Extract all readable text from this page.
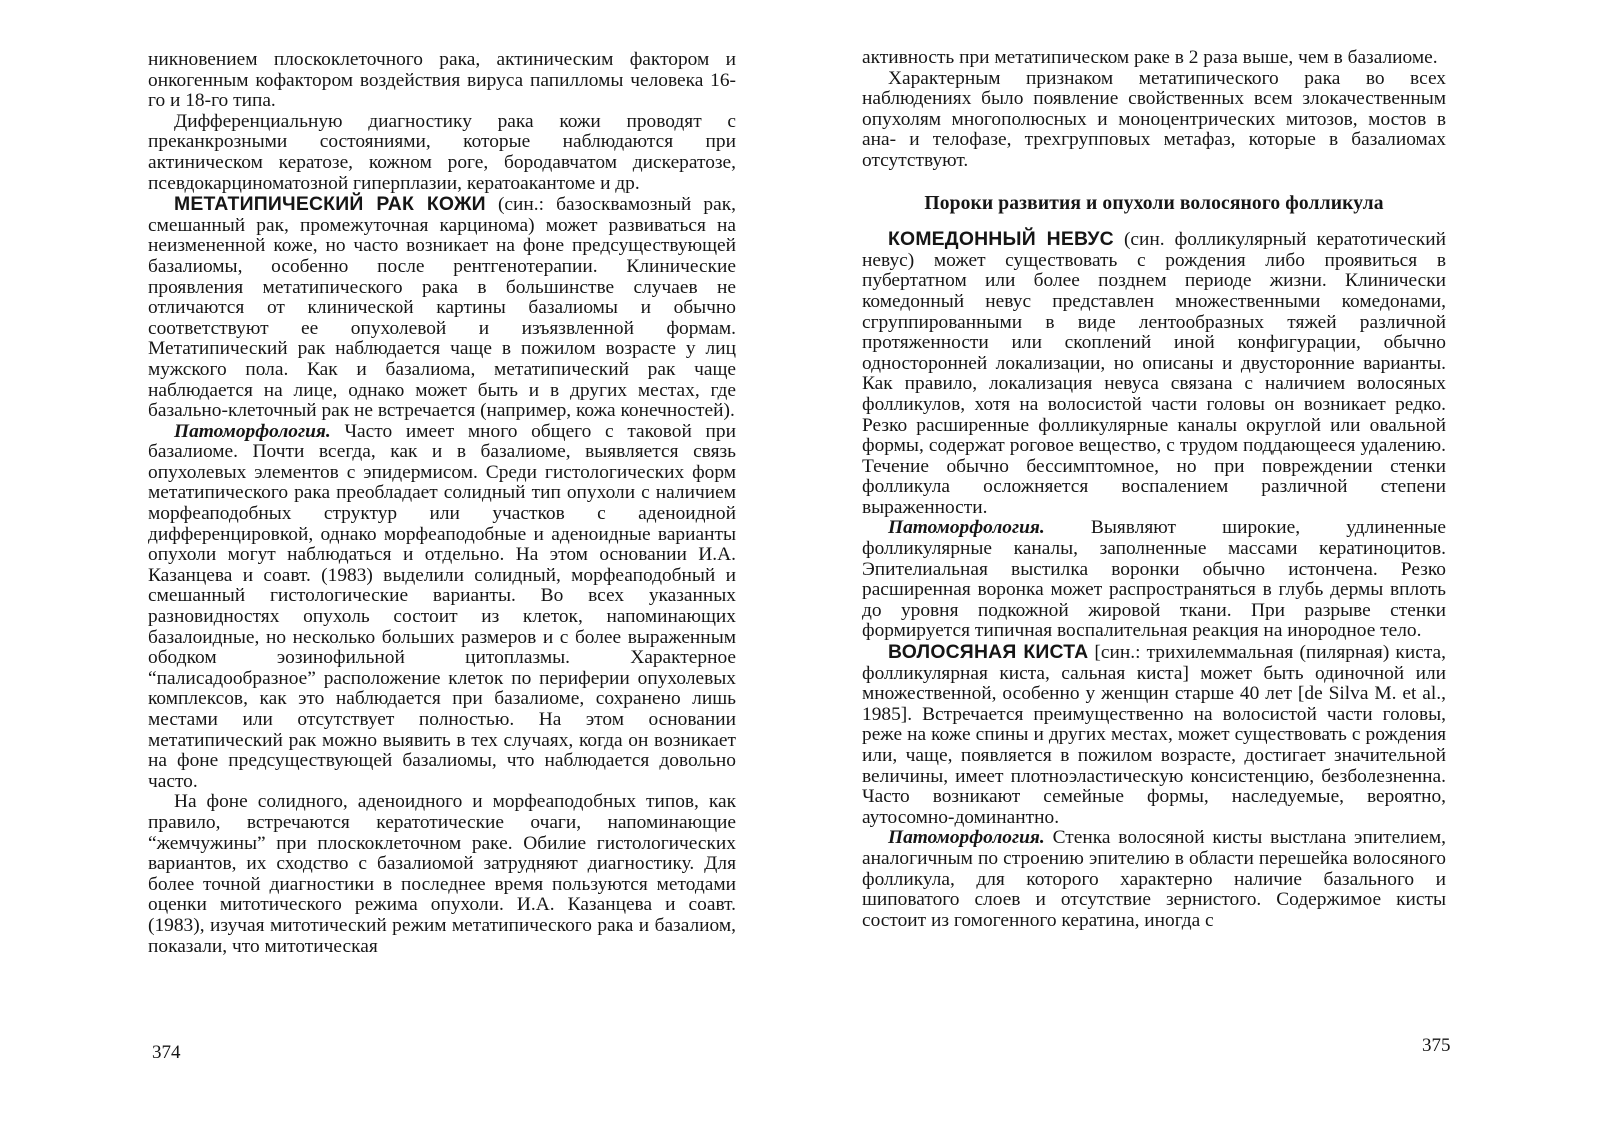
никновением плоскоклеточного рака, актиническим фактором и онкогенным кофактором воздействия вируса папилломы человека 16-го и 18-го типа.

Дифференциальную диагностику рака кожи проводят с преканкрозными состояниями, которые наблюдаются при актиническом кератозе, кожном роге, бородавчатом дискератозе, псевдокарциноматозной гиперплазии, кератоакантоме и др.

МЕТАТИПИЧЕСКИЙ РАК КОЖИ (син.: базосквамозный рак, смешанный рак, промежуточная карцинома) может развиваться на неизмененной коже, но часто возникает на фоне предсуществующей базалиомы, особенно после рентгенотерапии. Клинические проявления метатипического рака в большинстве случаев не отличаются от клинической картины базалиомы и обычно соответствуют ее опухолевой и изъязвленной формам. Метатипический рак наблюдается чаще в пожилом возрасте у лиц мужского пола. Как и базалиома, метатипический рак чаще наблюдается на лице, однако может быть и в других местах, где базально-клеточный рак не встречается (например, кожа конечностей).

Патоморфология. Часто имеет много общего с таковой при базалиоме. Почти всегда, как и в базалиоме, выявляется связь опухолевых элементов с эпидермисом. Среди гистологических форм метатипического рака преобладает солидный тип опухоли с наличием морфеаподобных структур или участков с аденоидной дифференцировкой, однако морфеаподобные и аденоидные варианты опухоли могут наблюдаться и отдельно. На этом основании И.А. Казанцева и соавт. (1983) выделили солидный, морфеаподобный и смешанный гистологические варианты. Во всех указанных разновидностях опухоль состоит из клеток, напоминающих базалоидные, но несколько больших размеров и с более выраженным ободком эозинофильной цитоплазмы. Характерное “палисадообразное” расположение клеток по периферии опухолевых комплексов, как это наблюдается при базалиоме, сохранено лишь местами или отсутствует полностью. На этом основании метатипический рак можно выявить в тех случаях, когда он возникает на фоне предсуществующей базалиомы, что наблюдается довольно часто.

На фоне солидного, аденоидного и морфеаподобных типов, как правило, встречаются кератотические очаги, напоминающие “жемчужины” при плоскоклеточном раке. Обилие гистологических вариантов, их сходство с базалиомой затрудняют диагностику. Для более точной диагностики в последнее время пользуются методами оценки митотического режима опухоли. И.А. Казанцева и соавт. (1983), изучая митотический режим метатипического рака и базалиом, показали, что митотическая

374

активность при метатипическом раке в 2 раза выше, чем в базалиоме.

Характерным признаком метатипического рака во всех наблюдениях было появление свойственных всем злокачественным опухолям многополюсных и моноцентрических митозов, мостов в ана- и телофазе, трехгрупповых метафаз, которые в базалиомах отсутствуют.

Пороки развития и опухоли волосяного фолликула

КОМЕДОННЫЙ НЕВУС (син. фолликулярный кератотический невус) может существовать с рождения либо проявиться в пубертатном или более позднем периоде жизни. Клинически комедонный невус представлен множественными комедонами, сгруппированными в виде лентообразных тяжей различной протяженности или скоплений иной конфигурации, обычно односторонней локализации, но описаны и двусторонние варианты. Как правило, локализация невуса связана с наличием волосяных фолликулов, хотя на волосистой части головы он возникает редко. Резко расширенные фолликулярные каналы округлой или овальной формы, содержат роговое вещество, с трудом поддающееся удалению. Течение обычно бессимптомное, но при повреждении стенки фолликула осложняется воспалением различной степени выраженности.

Патоморфология. Выявляют широкие, удлиненные фолликулярные каналы, заполненные массами кератиноцитов. Эпителиальная выстилка воронки обычно истончена. Резко расширенная воронка может распространяться в глубь дермы вплоть до уровня подкожной жировой ткани. При разрыве стенки формируется типичная воспалительная реакция на инородное тело.

ВОЛОСЯНАЯ КИСТА [син.: трихилеммальная (пилярная) киста, фолликулярная киста, сальная киста] может быть одиночной или множественной, особенно у женщин старше 40 лет [de Silva M. et al., 1985]. Встречается преимущественно на волосистой части головы, реже на коже спины и других местах, может существовать с рождения или, чаще, появляется в пожилом возрасте, достигает значительной величины, имеет плотноэластическую консистенцию, безболезненна. Часто возникают семейные формы, наследуемые, вероятно, аутосомно-доминантно.

Патоморфология. Стенка волосяной кисты выстлана эпителием, аналогичным по строению эпителию в области перешейка волосяного фолликула, для которого характерно наличие базального и шиповатого слоев и отсутствие зернистого. Содержимое кисты состоит из гомогенного кератина, иногда с

375
